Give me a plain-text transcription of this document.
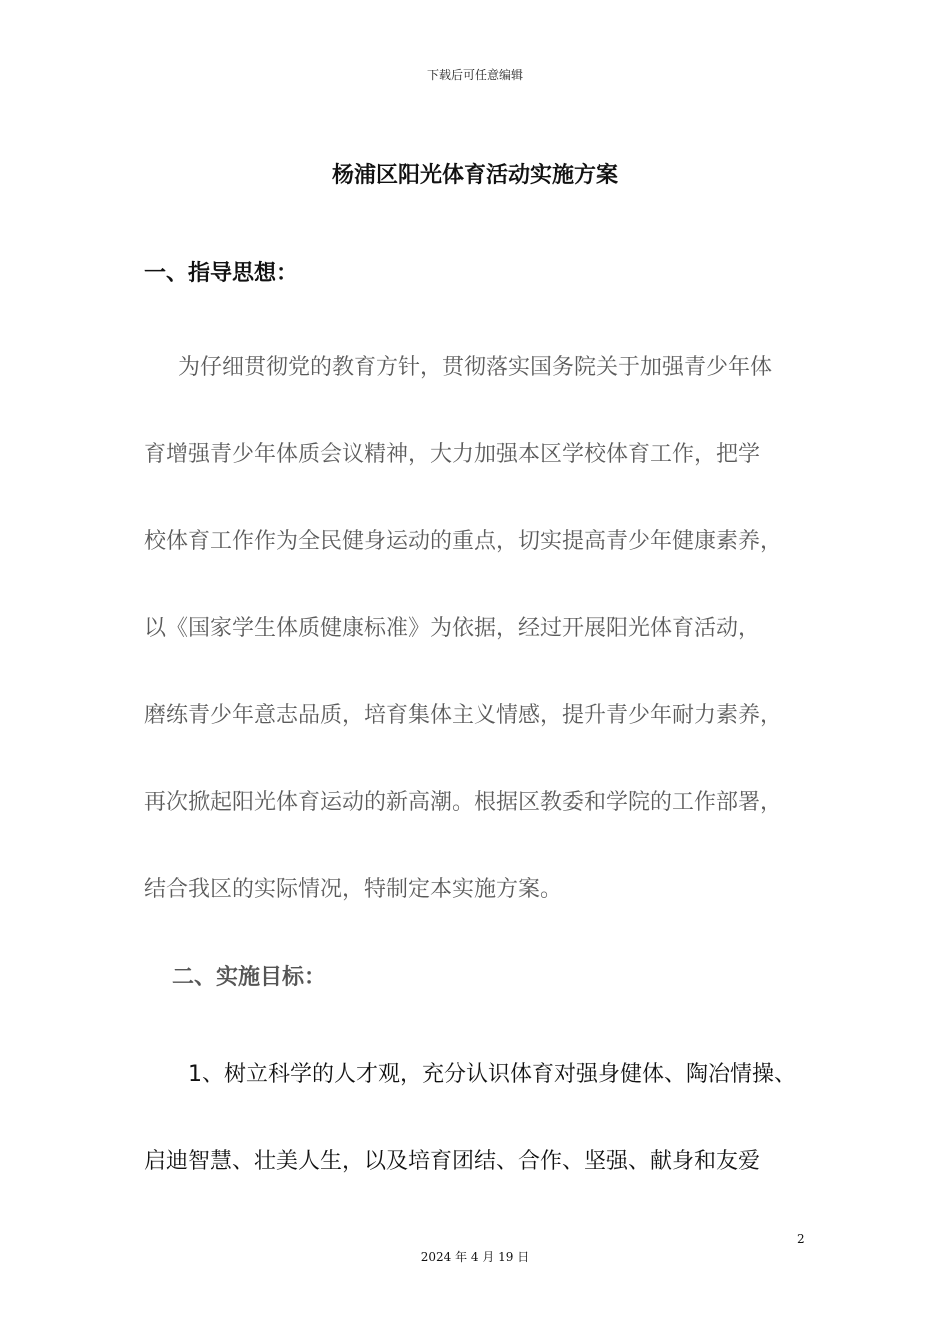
下载后可任意编辑
杨浦区阳光体育活动实施方案
一、指导思想：
为仔细贯彻党的教育方针，贯彻落实国务院关于加强青少年体
育增强青少年体质会议精神，大力加强本区学校体育工作，把学
校体育工作作为全民健身运动的重点，切实提高青少年健康素养，
以《国家学生体质健康标准》为依据，经过开展阳光体育活动，
磨练青少年意志品质，培育集体主义情感，提升青少年耐力素养，
再次掀起阳光体育运动的新高潮。根据区教委和学院的工作部署，
结合我区的实际情况，特制定本实施方案。
二、实施目标：
1、树立科学的人才观，充分认识体育对强身健体、陶冶情操、
启迪智慧、壮美人生，以及培育团结、合作、坚强、献身和友爱
2
2024 年 4 月 19 日
